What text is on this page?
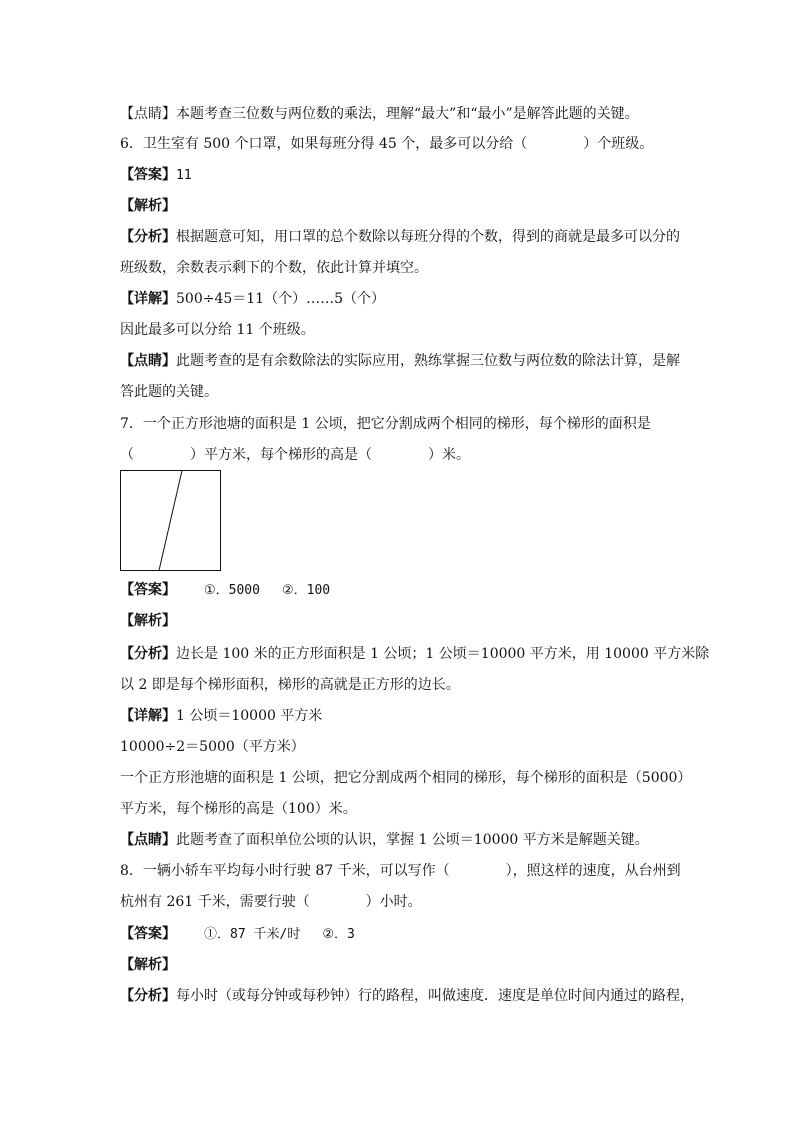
【点睛】本题考查三位数与两位数的乘法，理解“最大”和“最小”是解答此题的关键。
6．卫生室有 500 个口罩，如果每班分得 45 个，最多可以分给（　　　　）个班级。
【答案】11
【解析】
【分析】根据题意可知，用口罩的总个数除以每班分得的个数，得到的商就是最多可以分的
班级数，余数表示剩下的个数，依此计算并填空。
【详解】500÷45＝11（个）……5（个）
因此最多可以分给 11 个班级。
【点睛】此题考查的是有余数除法的实际应用，熟练掌握三位数与两位数的除法计算，是解
答此题的关键。
7．一个正方形池塘的面积是 1 公顷，把它分割成两个相同的梯形，每个梯形的面积是
（　　　　）平方米，每个梯形的高是（　　　　）米。
【答案】 ①．5000 ②．100
【解析】
【分析】边长是 100 米的正方形面积是 1 公顷；1 公顷＝10000 平方米，用 10000 平方米除
以 2 即是每个梯形面积，梯形的高就是正方形的边长。
【详解】1 公顷＝10000 平方米
10000÷2＝5000（平方米）
一个正方形池塘的面积是 1 公顷，把它分割成两个相同的梯形，每个梯形的面积是（5000）
平方米，每个梯形的高是（100）米。
【点睛】此题考查了面积单位公顷的认识，掌握 1 公顷＝10000 平方米是解题关键。
8．一辆小轿车平均每小时行驶 87 千米，可以写作（　　　　），照这样的速度，从台州到
杭州有 261 千米，需要行驶（　　　　）小时。
【答案】 ①．87 千米/时 ②．3
【解析】
【分析】每小时（或每分钟或每秒钟）行的路程，叫做速度．速度是单位时间内通过的路程，
